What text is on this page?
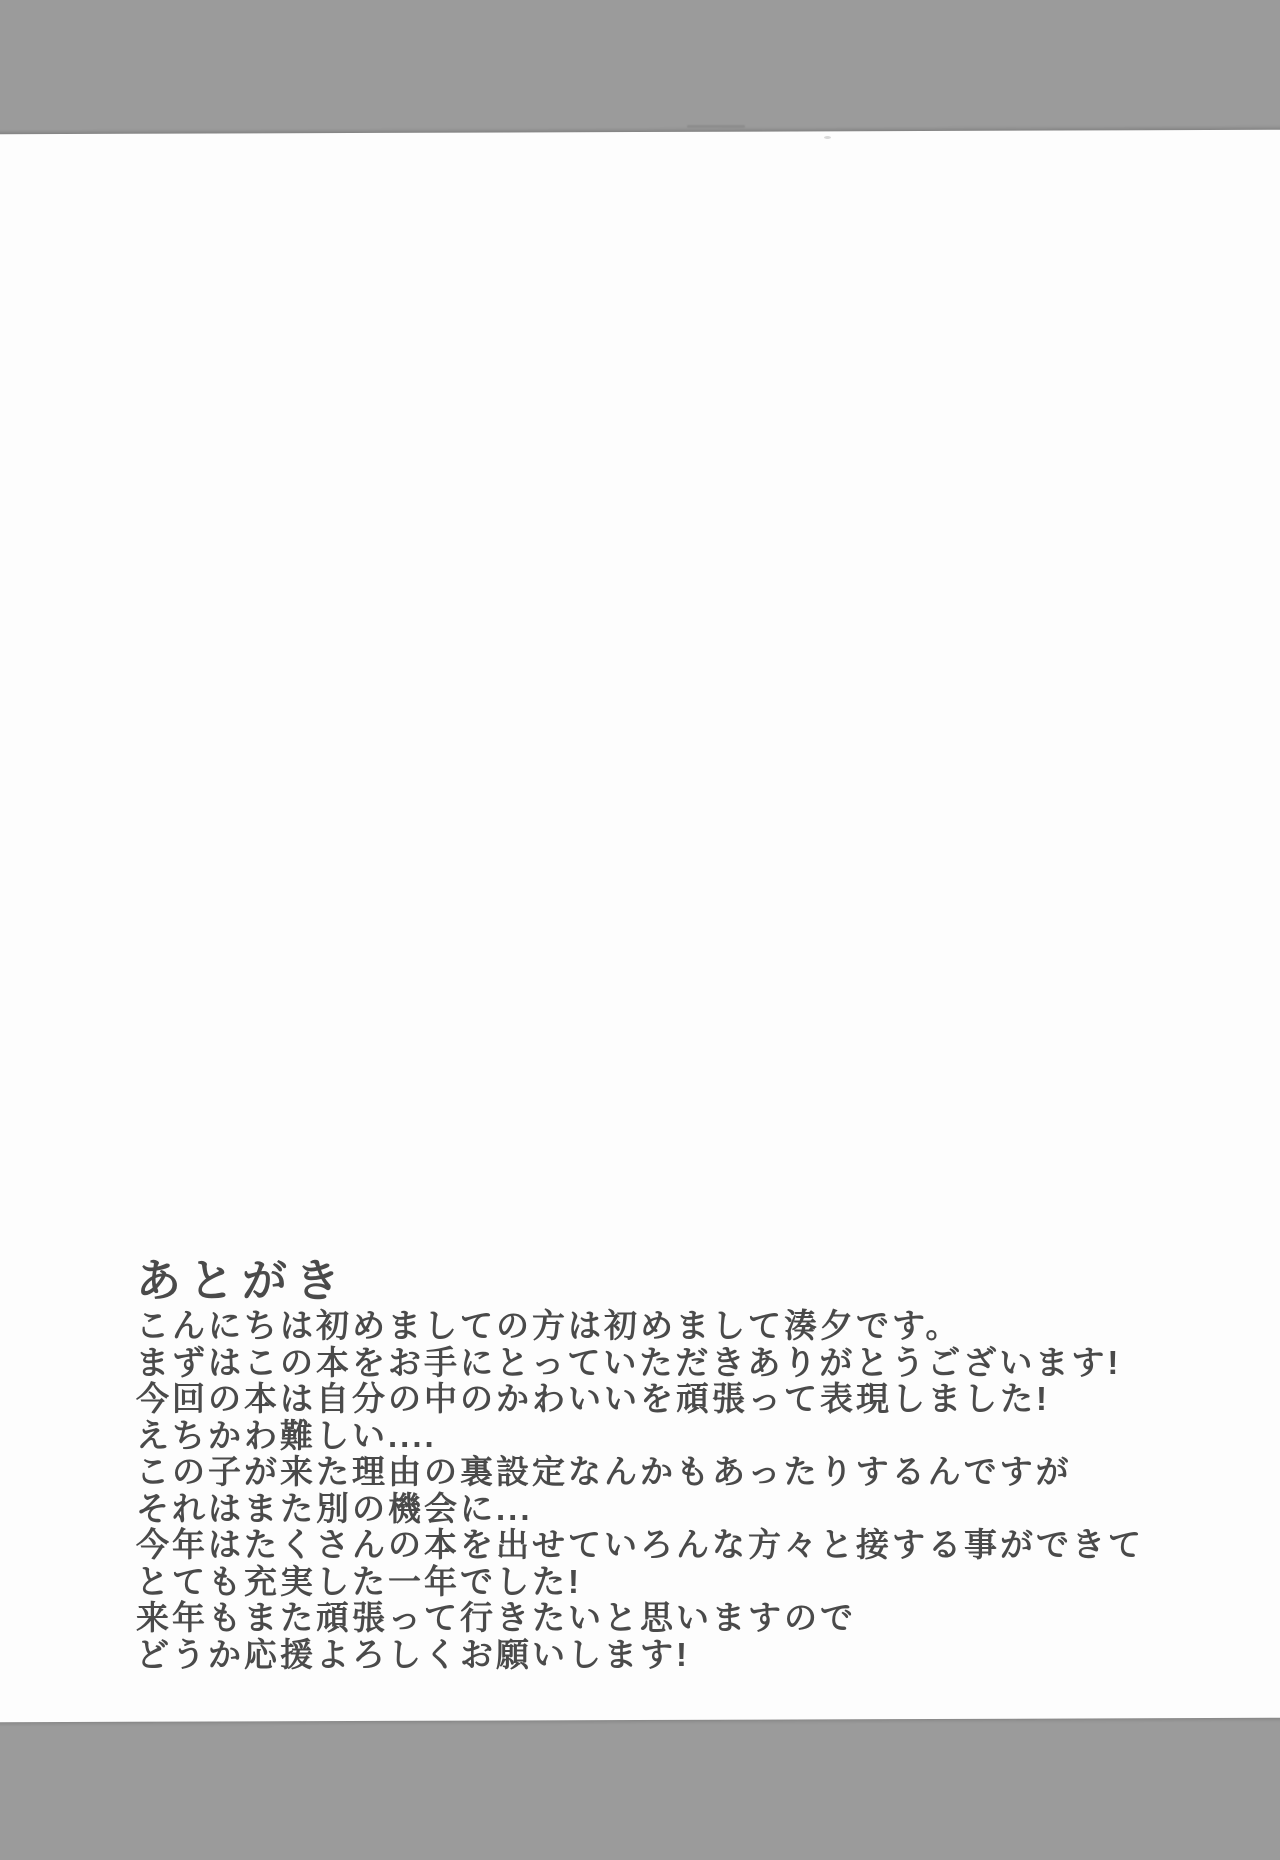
あとがき
こんにちは初めましての方は初めまして湊夕です。
まずはこの本をお手にとっていただきありがとうございます!
今回の本は自分の中のかわいいを頑張って表現しました!
えちかわ難しい....
この子が来た理由の裏設定なんかもあったりするんですが
それはまた別の機会に...
今年はたくさんの本を出せていろんな方々と接する事ができて
とても充実した一年でした!
来年もまた頑張って行きたいと思いますので
どうか応援よろしくお願いします!
